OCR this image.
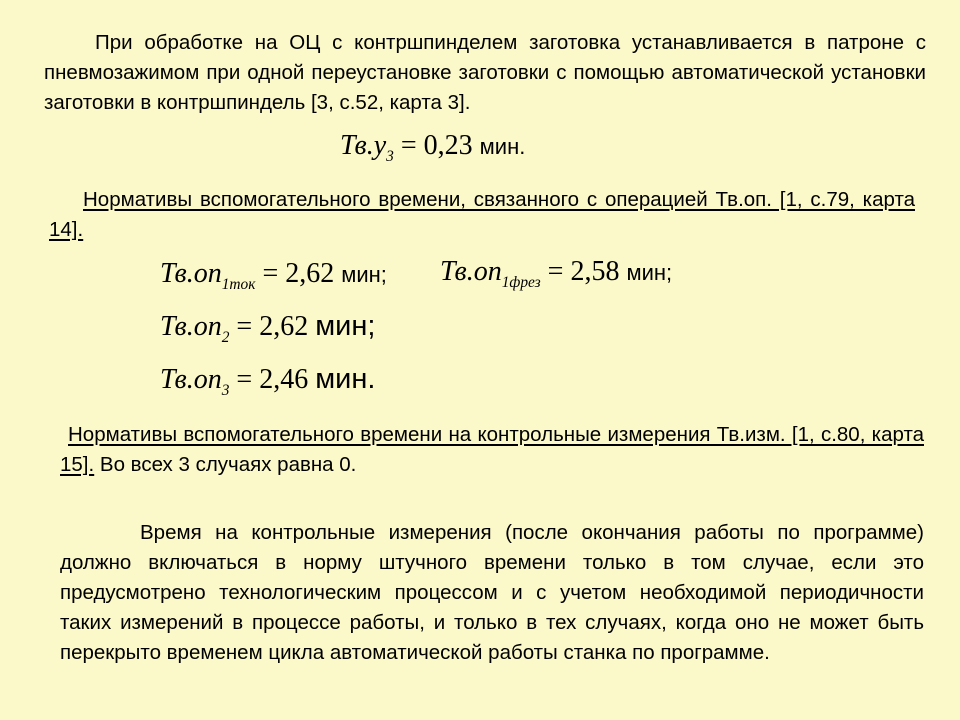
При обработке на ОЦ с контршпинделем заготовка устанавливается в патроне с пневмозажимом при одной переустановке заготовки с помощью автоматической установки заготовки в контршпиндель [3, с.52, карта 3].
$Тв.у_3 = 0,23$ мин.
Нормативы вспомогательного времени, связанного с операцией Тв.оп. [1, с.79, карта 14].
$Тв.оп_{1ток} = 2,62$ мин; $Тв.оп_{1фрез} = 2,58$ мин;
$Тв.оп_2 = 2,62$ мин;
$Тв.оп_3 = 2,46$ мин.
Нормативы вспомогательного времени на контрольные измерения Тв.изм. [1, с.80, карта 15]. Во всех 3 случаях равна 0.
Время на контрольные измерения (после окончания работы по программе) должно включаться в норму штучного времени только в том случае, если это предусмотрено технологическим процессом и с учетом необходимой периодичности таких измерений в процессе работы, и только в тех случаях, когда оно не может быть перекрыто временем цикла автоматической работы станка по программе.
